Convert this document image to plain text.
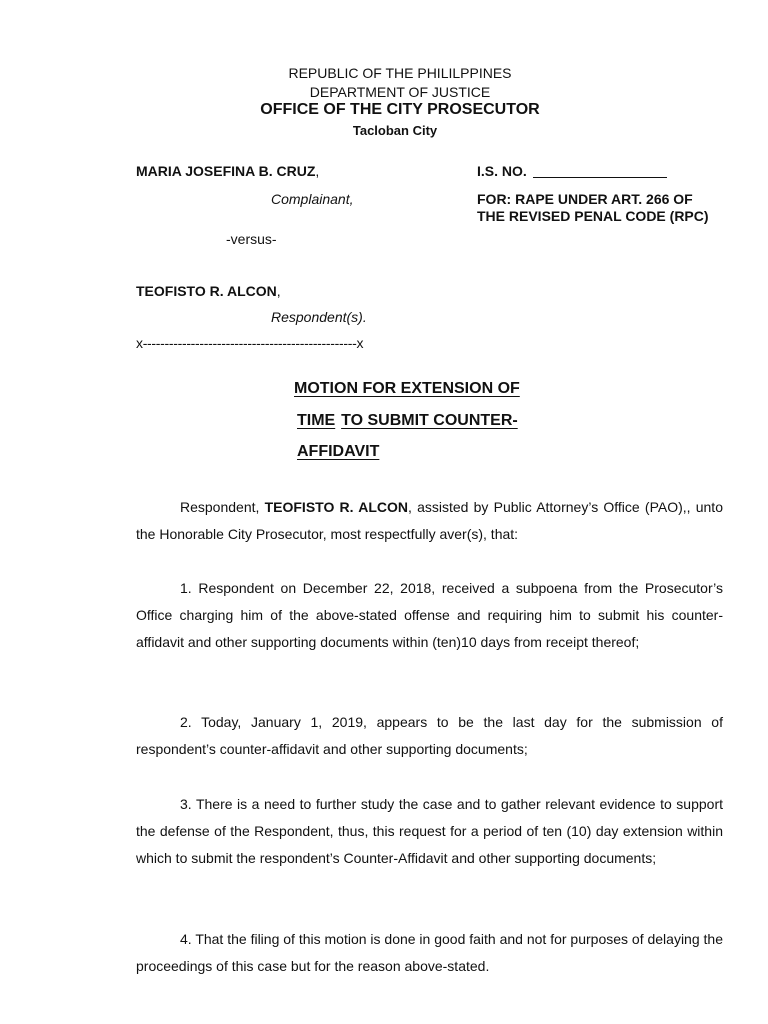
REPUBLIC OF THE PHILILPPINES
DEPARTMENT OF JUSTICE
OFFICE OF THE CITY PROSECUTOR
Tacloban City
MARIA JOSEFINA B. CRUZ,
Complainant,
-versus-
TEOFISTO R. ALCON,
Respondent(s).
x-------------------------------------------------x
I.S. NO.
FOR: RAPE UNDER ART. 266 OF
THE REVISED PENAL CODE (RPC)
MOTION FOR EXTENSION OF
TIME TO SUBMIT COUNTER-
AFFIDAVIT
Respondent, TEOFISTO R. ALCON, assisted by Public Attorney’s Office (PAO),, unto the Honorable City Prosecutor, most respectfully aver(s), that:
1. Respondent on December 22, 2018, received a subpoena from the Prosecutor’s Office charging him of the above-stated offense and requiring him to submit his counter-affidavit and other supporting documents within (ten)10 days from receipt thereof;
2. Today, January 1, 2019, appears to be the last day for the submission of respondent’s counter-affidavit and other supporting documents;
3. There is a need to further study the case and to gather relevant evidence to support the defense of the Respondent, thus, this request for a period of ten (10) day extension within which to submit the respondent’s Counter-Affidavit and other supporting documents;
4. That the filing of this motion is done in good faith and not for purposes of delaying the proceedings of this case but for the reason above-stated.
